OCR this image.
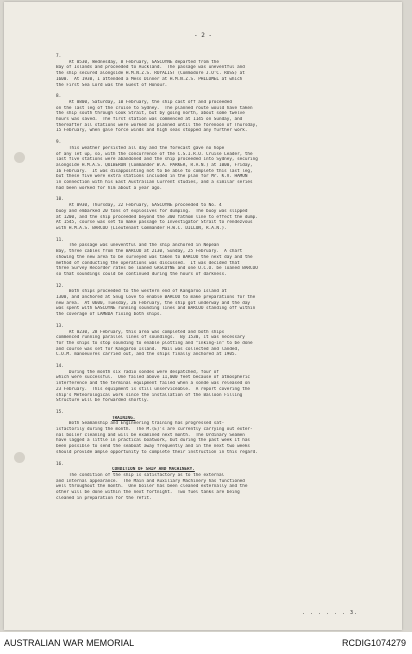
- 2 -
7.
At 0530, Wednesday, 8 February, GASCOYNE departed from the
Bay of Islands and proceeded to Auckland.  The passage was uneventful and
the ship secured alongside H.M.N.Z.S. ROYALIST (Commodore J.O'C. ROSS) at
1600.  At 1930, I attended a Mess Dinner at H.M.N.Z.S. PHILOMEL at which
the First Sea Lord was the Guest of Honour.
8.
At 0800, Saturday, 10 February, the ship cast off and proceeded
on the last leg of the cruise to Sydney.  The planned route would have taken
the ship south through Cook Strait, but by going north, about some twelve
hours was saved.  The first station was commenced at 1145 on Sunday, and
thereafter all stations were worked as planned until the forenoon of Thursday,
15 February, when gale force winds and high seas stopped any further work.
9.
This weather persisted all day and the forecast gave no hope
of any let up, so, with the concurrence of the C.S.I.R.O. Cruise Leader, the
last five stations were abandoned and the ship proceeded into Sydney, securing
alongside H.M.A.S. QUIBERON (Commander W.A. PARKER, R.A.N.) at 1000, Friday,
16 February.  It was disappointing not to be able to complete this last leg,
but these five were extra stations included in the plan for Mr. K.V. HAMON
in connection with his East Australian Current studies, and a similar series
had been worked for him about a year ago.
10.
At 0930, Thursday, 22 February, GASCOYNE proceeded to No. 4
buoy and embarked 20 tons of explosives for dumping.  The buoy was slipped
at 1200, and the ship proceeded beyond the 300 fathom line to effect the dump.
At 1545, course was set to make passage to Investigator Strait to rendezvous
with H.M.A.S. BARCOO (Lieutenant Commander H.W.C. DILLON, R.A.N.).
11.
The passage was uneventful and the ship anchored in Nepean
Bay, three cables from the BARCOO at 2130, Sunday, 25 February.  A chart
showing the new area to be surveyed was taken to BARCOO the next day and the
method of conducting the operations was discussed.  It was decided that
three Survey Recorder rates be loaned GASCOYNE and one U.C.O. be loaned BARCOO
so that soundings could be continued during the hours of darkness.
12.
Both ships proceeded to the western end of Kangaroo Island at
1300, and anchored at Snug Cove to enable BARCOO to make preparations for the
new area.  At 0600, Tuesday, 26 February, the ship got underway and the day
was spent with GASCOYNE running sounding lines and BARCOO standing off within
the coverage of LAMBDA fixing both ships.
13.
At 0230, 28 February, this area was completed and both ships
commenced running parallel lines of soundings.  By 1530, it was necessary
for the ships to stop sounding to enable plotting and "inking-in" to be done
and course was set for Kangaroo Island.  Mail was collected and landed,
C.O.M. manoeuvres carried out, and the ships finally anchored at 1905.
14.
During the month six radio sondes were despatched, four of
which were successful.  One failed above 11,000 feet because of atmospheric
interference and the terminal equipment failed when a sonde was released on
23 February.  This equipment is still unserviceable.  A report covering the
ship's Meteorological work since the installation of the Balloon Filling
Structure will be forwarded shortly.
15.
TRAINING.
Both Seamanship and Engineering training has progressed sat-
isfactorily during the month.  The M.(E)'s are currently carrying out exter-
nal boiler cleaning and will be examined next month.  The Ordinary Seamen
have lagged a little in practical boatwork, but during the past week it has
been possible to send the seaboat away frequently and in the next two weeks
should provide ample opportunity to complete their instruction in this regard.
16.
CONDITION OF SHIP AND MACHINERY.
The condition of the ship is satisfactory as to the external
and internal appearance.  The Main and Auxiliary Machinery has functioned
well throughout the month.  One boiler has been cleaned externally and the
other will be done within the next fortnight.  Two fuel tanks are being
cleaned in preparation for the refit.
. . . . . . 3.
AUSTRALIAN WAR MEMORIAL	RCDIG1074279
